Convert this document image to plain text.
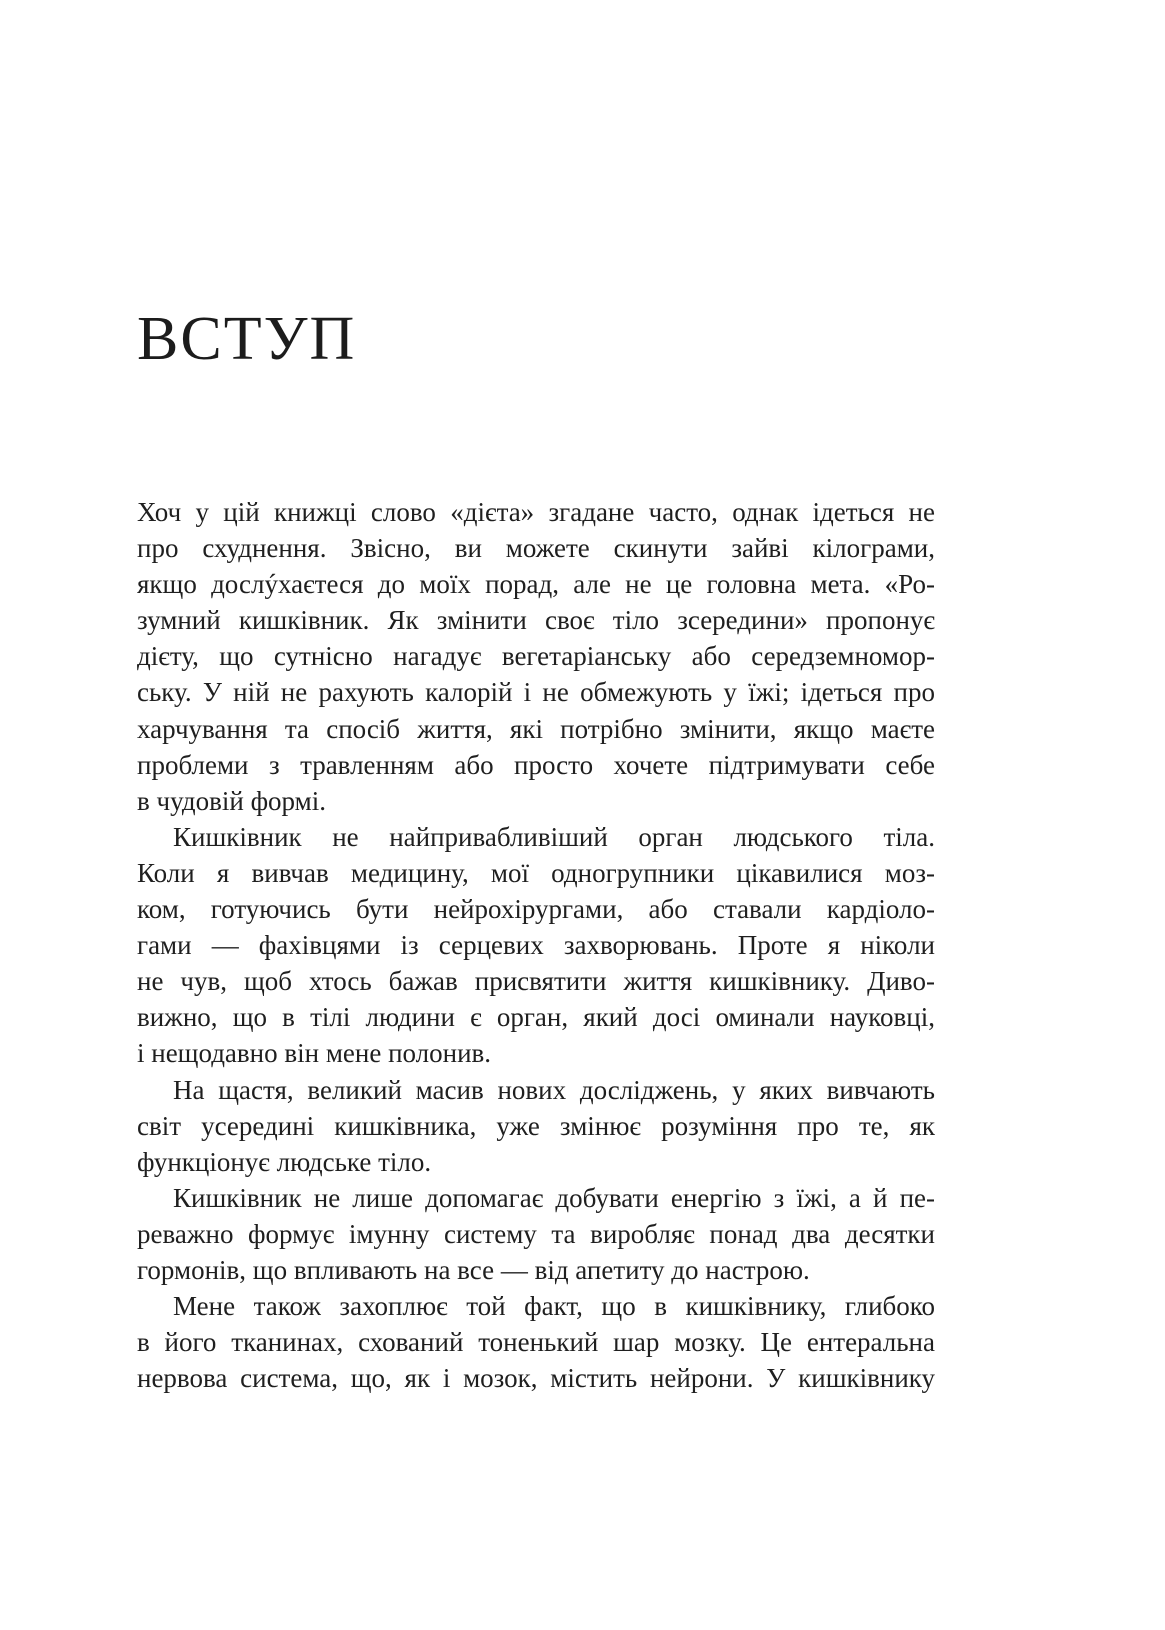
ВСТУП
Хоч у цій книжці слово «дієта» згадане часто, однак ідеться не
про схуднення. Звісно, ви можете скинути зайві кілограми,
якщо дослýхаєтеся до моїх порад, але не це головна мета. «Ро-
зумний кишківник. Як змінити своє тіло зсередини» пропонує
дієту, що сутнісно нагадує вегетаріанську або середземномор-
ську. У ній не рахують калорій і не обмежують у їжі; ідеться про
харчування та спосіб життя, які потрібно змінити, якщо маєте
проблеми з травленням або просто хочете підтримувати себе
в чудовій формі.
Кишківник не найпривабливіший орган людського тіла.
Коли я вивчав медицину, мої одногрупники цікавилися моз-
ком, готуючись бути нейрохірургами, або ставали кардіоло-
гами — фахівцями із серцевих захворювань. Проте я ніколи
не чув, щоб хтось бажав присвятити життя кишківнику. Диво-
вижно, що в тілі людини є орган, який досі оминали науковці,
і нещодавно він мене полонив.
На щастя, великий масив нових досліджень, у яких вивчають
світ усередині кишківника, уже змінює розуміння про те, як
функціонує людське тіло.
Кишківник не лише допомагає добувати енергію з їжі, а й пе-
реважно формує імунну систему та виробляє понад два десятки
гормонів, що впливають на все — від апетиту до настрою.
Мене також захоплює той факт, що в кишківнику, глибоко
в його тканинах, схований тоненький шар мозку. Це ентеральна
нервова система, що, як і мозок, містить нейрони. У кишківнику
